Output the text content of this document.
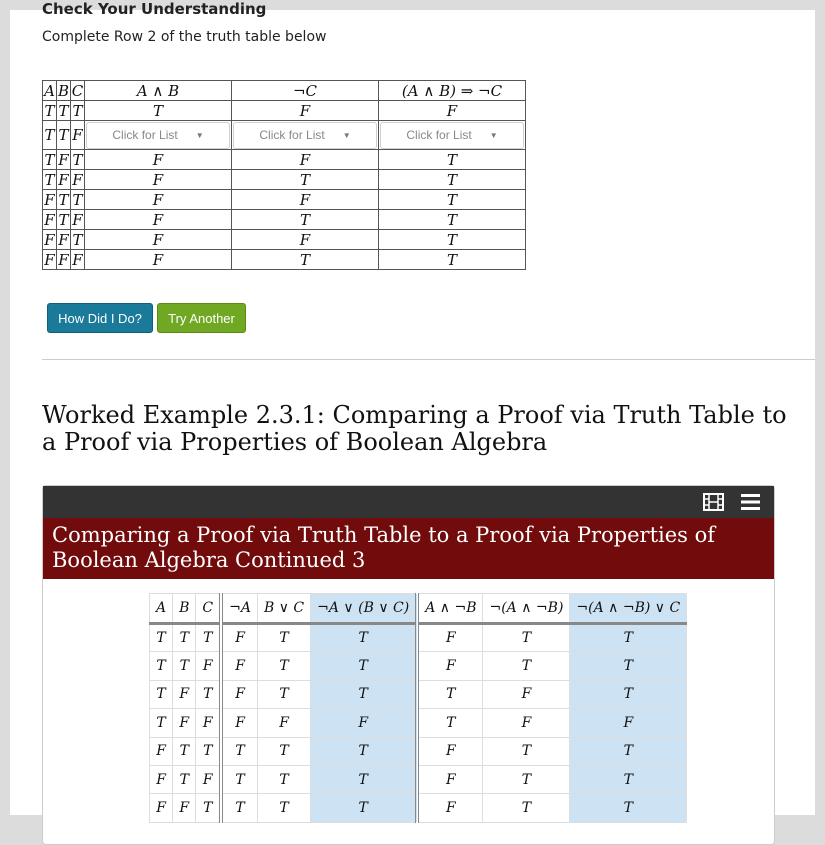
Check Your Understanding
Complete Row 2 of the truth table below
A	B	C	A ∧ B	¬C	(A ∧ B) ⇒ ¬C
T	T	T	T	F	F
T	T	F	Click for List ▼	Click for List ▼	Click for List ▼

T	F	T	F	F	T
T	F	F	F	T	T
F	T	T	F	F	T
F	T	F	F	T	T
F	F	T	F	F	T
F	F	F	F	T	T
How Did I Do?	Try Another
Worked Example 2.3.1: Comparing a Proof via Truth Table to a Proof via Properties of Boolean Algebra
Comparing a Proof via Truth Table to a Proof via Properties of Boolean Algebra Continued 3
A	B	C	¬A	B ∨ C	¬A ∨ (B ∨ C)	A ∧ ¬B	¬(A ∧ ¬B)	¬(A ∧ ¬B) ∨ C
T	T	T	F	T	T	F	T	T
T	T	F	F	T	T	F	T	T
T	F	T	F	T	T	T	F	T
T	F	F	F	F	F	T	F	F
F	T	T	T	T	T	F	T	T
F	T	F	T	T	T	F	T	T
F	F	T	T	T	T	F	T	T
